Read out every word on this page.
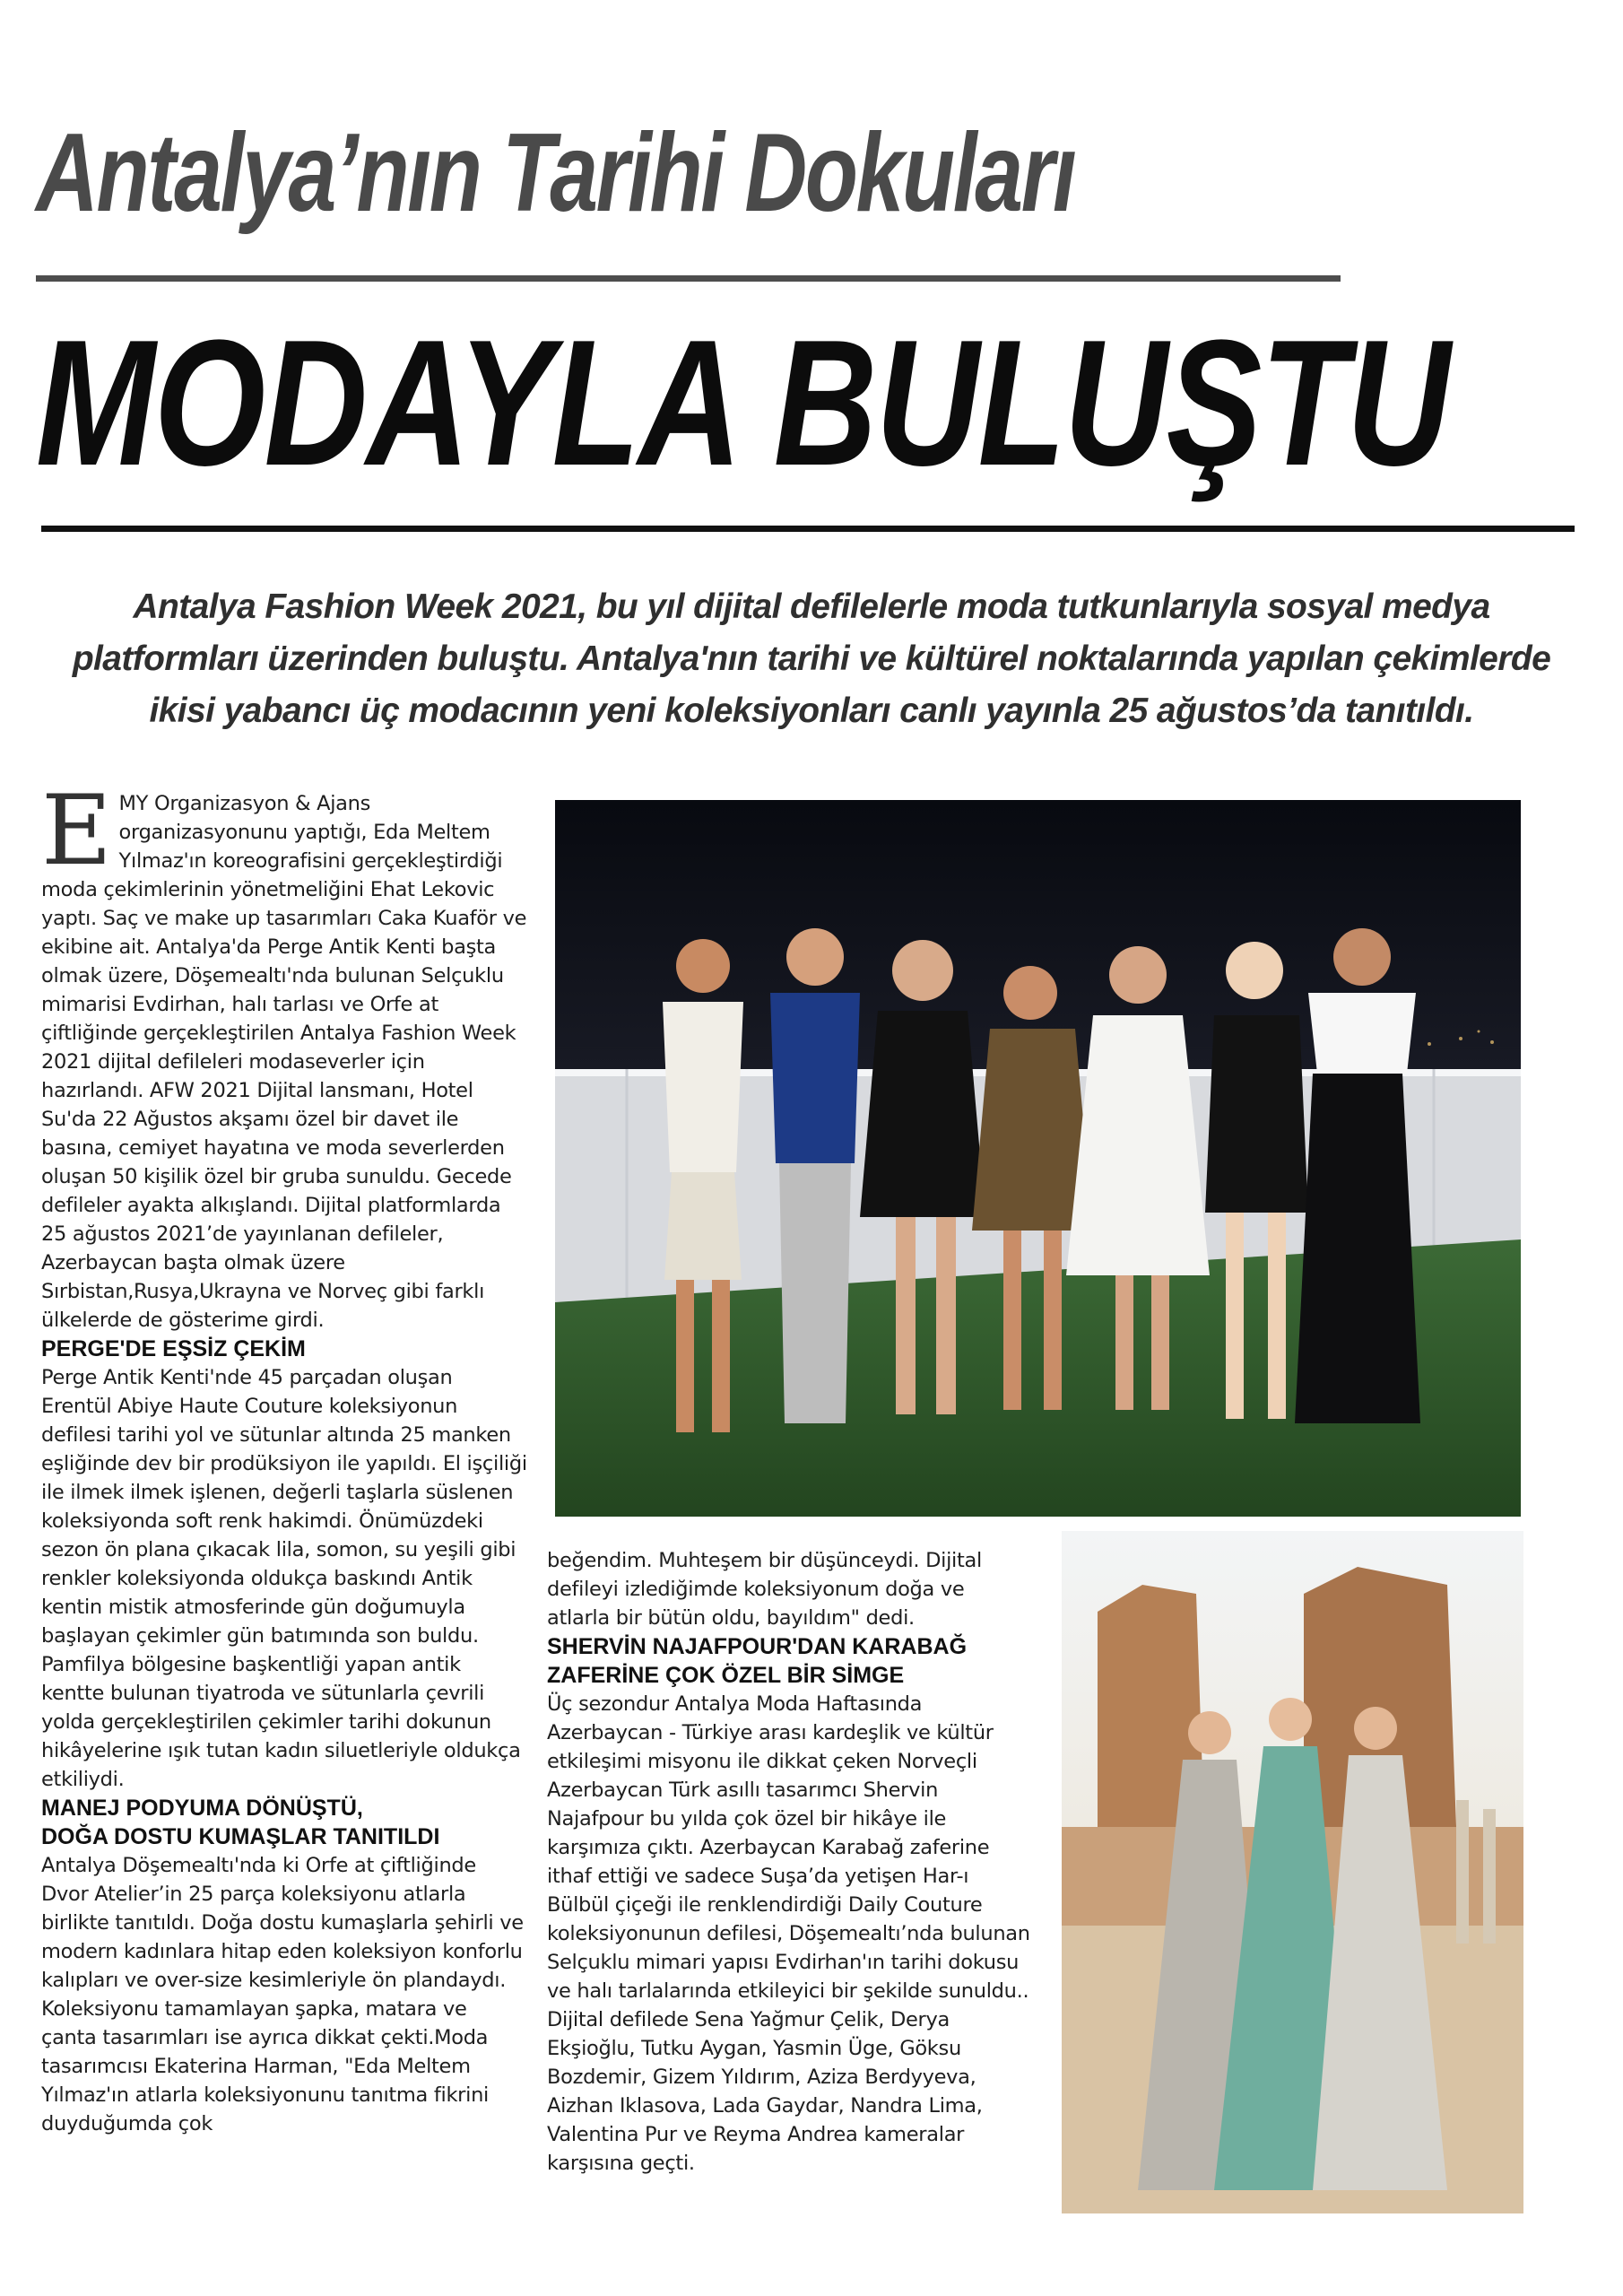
Antalya’nın Tarihi Dokuları
MODAYLA BULUŞTU
Antalya Fashion Week 2021, bu yıl dijital defilelerle moda tutkunlarıyla sosyal medya platformları üzerinden buluştu. Antalya'nın tarihi ve kültürel noktalarında yapılan çekimlerde ikisi yabancı üç modacının yeni koleksiyonları canlı yayınla 25 ağustos’da tanıtıldı.

EMY Organizasyon & Ajans organizasyonunu yaptığı, Eda Meltem Yılmaz'ın koreografisini gerçekleştirdiği moda çekimlerinin yönetmeliğini Ehat Lekovic yaptı. Saç ve make up tasarımları Caka Kuaför ve ekibine ait. Antalya'da Perge Antik Kenti başta olmak üzere, Döşemealtı'nda bulunan Selçuklu mimarisi Evdirhan, halı tarlası ve Orfe at çiftliğinde gerçekleştirilen Antalya Fashion Week 2021 dijital defileleri modaseverler için hazırlandı. AFW 2021 Dijital lansmanı, Hotel Su'da 22 Ağustos akşamı özel bir davet ile basına, cemiyet hayatına ve moda severlerden oluşan 50 kişilik özel bir gruba sunuldu. Gecede defileler ayakta alkışlandı. Dijital platformlarda 25 ağustos 2021’de yayınlanan defileler, Azerbaycan başta olmak üzere Sırbistan,Rusya,Ukrayna ve Norveç gibi farklı ülkelerde de gösterime girdi.

PERGE'DE EŞSİZ ÇEKİM

Perge Antik Kenti'nde 45 parçadan oluşan Erentül Abiye Haute Couture koleksiyonun defilesi tarihi yol ve sütunlar altında 25 manken eşliğinde dev bir prodüksiyon ile yapıldı. El işçiliği ile ilmek ilmek işlenen, değerli taşlarla süslenen koleksiyonda soft renk hakimdi. Önümüzdeki sezon ön plana çıkacak lila, somon, su yeşili gibi renkler koleksiyonda oldukça baskındı Antik kentin mistik atmosferinde gün doğumuyla başlayan çekimler gün batımında son buldu. Pamfilya bölgesine başkentliği yapan antik kentte bulunan tiyatroda ve sütunlarla çevrili yolda gerçekleştirilen çekimler tarihi dokunun hikâyelerine ışık tutan kadın siluetleriyle oldukça etkiliydi.

MANEJ PODYUMA DÖNÜŞTÜ,

DOĞA DOSTU KUMAŞLAR TANITILDI

Antalya Döşemealtı'nda ki Orfe at çiftliğinde Dvor Atelier’in 25 parça koleksiyonu atlarla birlikte tanıtıldı. Doğa dostu kumaşlarla şehirli ve modern kadınlara hitap eden koleksiyon konforlu kalıpları ve over-size kesimleriyle ön plandaydı. Koleksiyonu tamamlayan şapka, matara ve çanta tasarımları ise ayrıca dikkat çekti.Moda tasarımcısı Ekaterina Harman, "Eda Meltem Yılmaz'ın atlarla koleksiyonunu tanıtma fikrini duyduğumda çok

beğendim. Muhteşem bir düşünceydi. Dijital defileyi izlediğimde koleksiyonum doğa ve atlarla bir bütün oldu, bayıldım" dedi.

SHERVİN NAJAFPOUR'DAN KARABAĞ

ZAFERİNE ÇOK ÖZEL BİR SİMGE

Üç sezondur Antalya Moda Haftasında Azerbaycan - Türkiye arası kardeşlik ve kültür etkileşimi misyonu ile dikkat çeken Norveçli Azerbaycan Türk asıllı tasarımcı Shervin Najafpour bu yılda çok özel bir hikâye ile karşımıza çıktı. Azerbaycan Karabağ zaferine ithaf ettiği ve sadece Suşa’da yetişen Har-ı Bülbül çiçeği ile renklendirdiği Daily Couture koleksiyonunun defilesi, Döşemealtı’nda bulunan Selçuklu mimari yapısı Evdirhan'ın tarihi dokusu ve halı tarlalarında etkileyici bir şekilde sunuldu.. Dijital defilede Sena Yağmur Çelik, Derya Ekşioğlu, Tutku Aygan, Yasmin Üge, Göksu Bozdemir, Gizem Yıldırım, Aziza Berdyyeva, Aizhan Iklasova, Lada Gaydar, Nandra Lima, Valentina Pur ve Reyma Andrea kameralar karşısına geçti.
